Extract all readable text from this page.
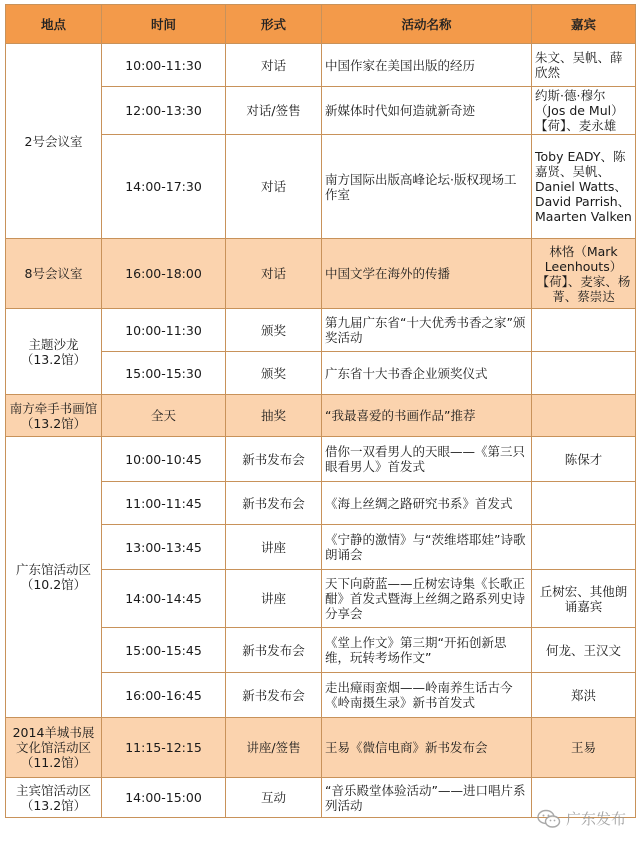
地点	时间	形式	活动名称	嘉宾
2号会议室	10:00-11:30	对话	中国作家在美国出版的经历	朱文、吴帆、薛欣然
	12:00-13:30	对话/签售	新媒体时代如何造就新奇迹	约斯·德·穆尔（Jos de Mul）【荷】、麦永雄
	14:00-17:30	对话	南方国际出版高峰论坛·版权现场工作室	Toby EADY、陈嘉贤、吴帆、Daniel Watts、David Parrish、Maarten Valken
8号会议室	16:00-18:00	对话	中国文学在海外的传播	林恪（Mark Leenhouts）【荷】、麦家、杨菁、蔡崇达
主题沙龙（13.2馆）	10:00-11:30	颁奖	第九届广东省“十大优秀书香之家”颁奖活动	
	15:00-15:30	颁奖	广东省十大书香企业颁奖仪式	
南方牵手书画馆（13.2馆）	全天	抽奖	“我最喜爱的书画作品”推荐	
广东馆活动区（10.2馆）	10:00-10:45	新书发布会	借你一双看男人的天眼——《第三只眼看男人》首发式	陈保才
	11:00-11:45	新书发布会	《海上丝绸之路研究书系》首发式	
	13:00-13:45	讲座	《宁静的激情》与“茨维塔耶娃”诗歌朗诵会	
	14:00-14:45	讲座	天下向蔚蓝——丘树宏诗集《长歌正酣》首发式暨海上丝绸之路系列史诗分享会	丘树宏、其他朗诵嘉宾
	15:00-15:45	新书发布会	《堂上作文》第三期“开拓创新思维，玩转考场作文”	何龙、王汉文
	16:00-16:45	新书发布会	走出瘴雨蛮烟——岭南养生话古今《岭南摄生录》新书首发式	郑洪
2014羊城书展文化馆活动区（11.2馆）	11:15-12:15	讲座/签售	王易《微信电商》新书发布会	王易
主宾馆活动区（13.2馆）	14:00-15:00	互动	“音乐殿堂体验活动”——进口唱片系列活动	
广东发布
